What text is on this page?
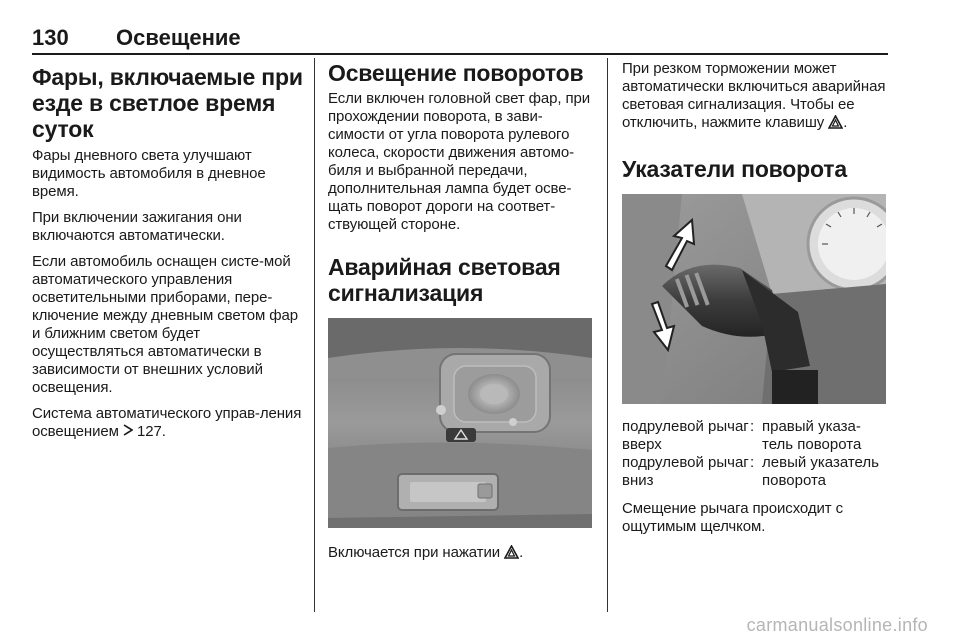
130 Освещение
Фары, включаемые при езде в светлое время суток

Фары дневного света улучшают видимость автомобиля в дневное время.

При включении зажигания они включаются автоматически.

Если автомобиль оснащен систе-мой автоматического управления осветительными приборами, пере-ключение между дневным светом фар и ближним светом будет осуществляться автоматически в зависимости от внешних условий освещения.

Система автоматического управ-ления освещением 127.

Освещение поворотов

Если включен головной свет фар, при прохождении поворота, в зави-симости от угла поворота рулевого колеса, скорости движения автомо-биля и выбранной передачи, дополнительная лампа будет осве-щать поворот дороги на соответ-ствующей стороне.

Аварийная световая сигнализация

Включается при нажатии .

При резком торможении может автоматически включиться аварийная световая сигнализация. Чтобы ее отключить, нажмите клавишу .

Указатели поворота
подрулевой рычаг вверх	:	правый указа-тель поворота
подрулевой рычаг вниз	:	левый указатель поворота

Смещение рычага происходит с ощутимым щелчком.

carmanualsonline.info
